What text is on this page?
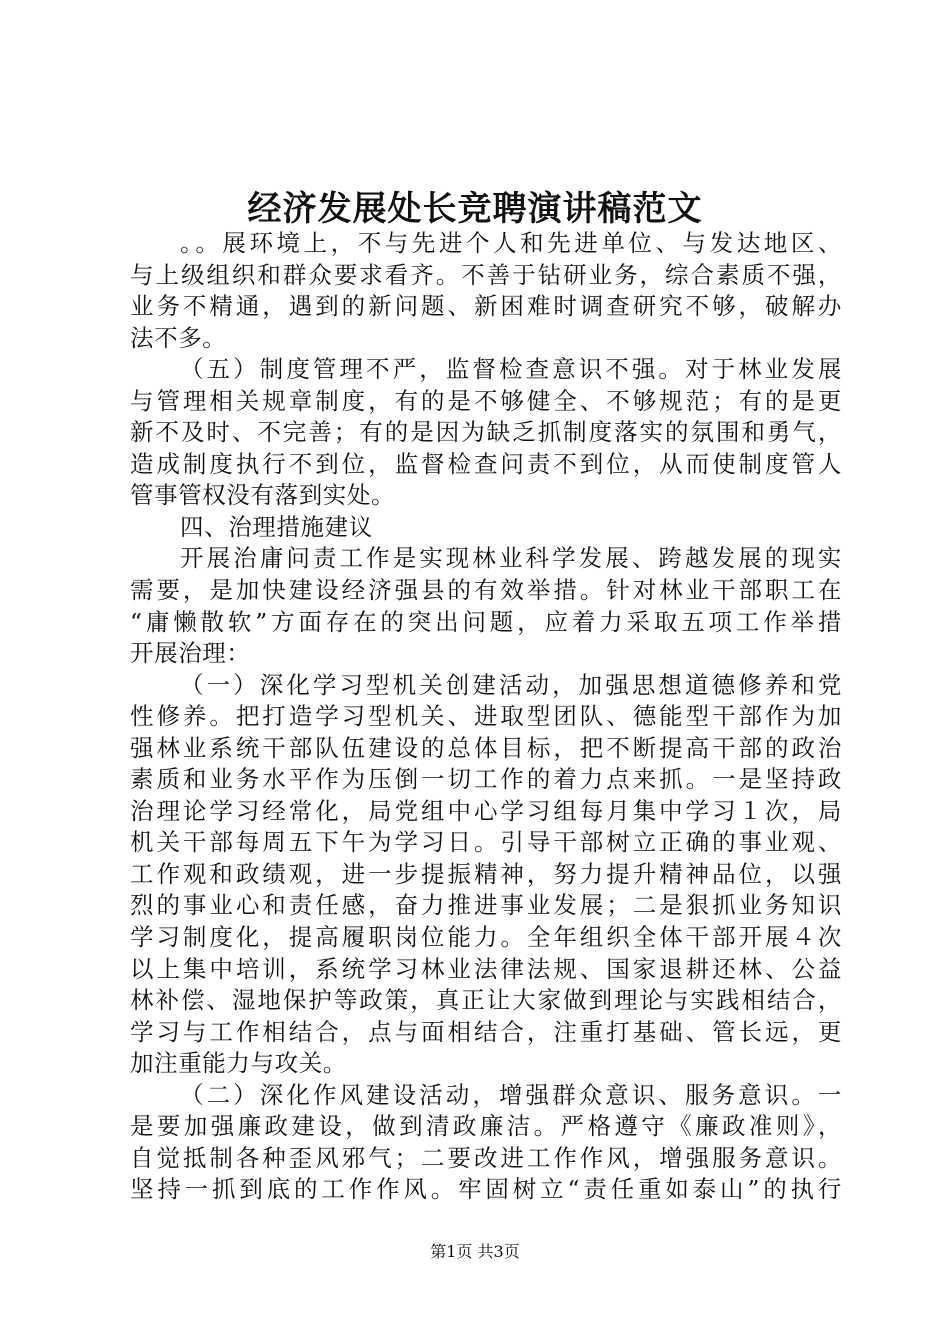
经济发展处长竞聘演讲稿范文
。。展环境上，不与先进个人和先进单位、与发达地区、
与上级组织和群众要求看齐。不善于钻研业务，综合素质不强，
业务不精通，遇到的新问题、新困难时调查研究不够，破解办
法不多。
（五）制度管理不严，监督检查意识不强。对于林业发展
与管理相关规章制度，有的是不够健全、不够规范；有的是更
新不及时、不完善；有的是因为缺乏抓制度落实的氛围和勇气，
造成制度执行不到位，监督检查问责不到位，从而使制度管人
管事管权没有落到实处。
四、治理措施建议
开展治庸问责工作是实现林业科学发展、跨越发展的现实
需要，是加快建设经济强县的有效举措。针对林业干部职工在
“庸懒散软”方面存在的突出问题，应着力采取五项工作举措
开展治理：
（一）深化学习型机关创建活动，加强思想道德修养和党
性修养。把打造学习型机关、进取型团队、德能型干部作为加
强林业系统干部队伍建设的总体目标，把不断提高干部的政治
素质和业务水平作为压倒一切工作的着力点来抓。一是坚持政
治理论学习经常化，局党组中心学习组每月集中学习１次，局
机关干部每周五下午为学习日。引导干部树立正确的事业观、
工作观和政绩观，进一步提振精神，努力提升精神品位，以强
烈的事业心和责任感，奋力推进事业发展；二是狠抓业务知识
学习制度化，提高履职岗位能力。全年组织全体干部开展４次
以上集中培训，系统学习林业法律法规、国家退耕还林、公益
林补偿、湿地保护等政策，真正让大家做到理论与实践相结合，
学习与工作相结合，点与面相结合，注重打基础、管长远，更
加注重能力与攻关。
（二）深化作风建设活动，增强群众意识、服务意识。一
是要加强廉政建设，做到清政廉洁。严格遵守《廉政准则》，
自觉抵制各种歪风邪气；二要改进工作作风，增强服务意识。
坚持一抓到底的工作作风。牢固树立“责任重如泰山”的执行
第1页 共3页
